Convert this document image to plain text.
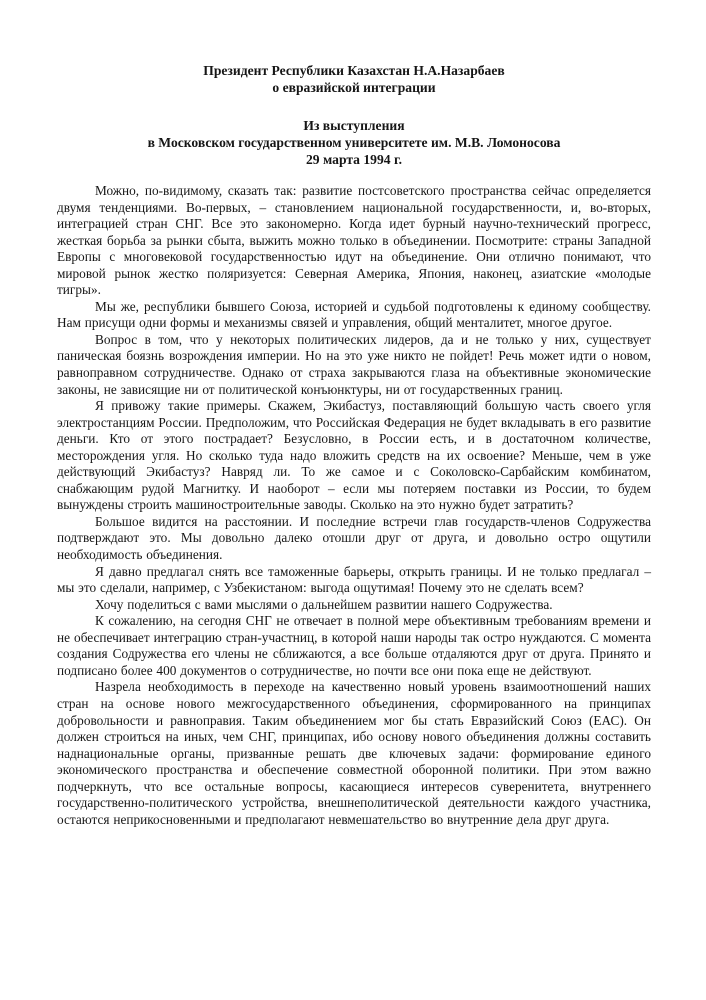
Президент Республики Казахстан Н.А.Назарбаев
о евразийской интеграции
Из выступления
в Московском государственном университете им. М.В. Ломоносова
29 марта 1994 г.

Можно, по-видимому, сказать так: развитие постсоветского пространства сейчас определяется двумя тенденциями. Во-первых, – становлением национальной государственности, и, во-вторых, интеграцией стран СНГ. Все это закономерно. Когда идет бурный научно-технический прогресс, жесткая борьба за рынки сбыта, выжить можно только в объединении. Посмотрите: страны Западной Европы с многовековой государственностью идут на объединение. Они отлично понимают, что мировой рынок жестко поляризуется: Северная Америка, Япония, наконец, азиатские «молодые тигры».

Мы же, республики бывшего Союза, историей и судьбой подготовлены к единому сообществу. Нам присущи одни формы и механизмы связей и управления, общий менталитет, многое другое.

Вопрос в том, что у некоторых политических лидеров, да и не только у них, существует паническая боязнь возрождения империи. Но на это уже никто не пойдет! Речь может идти о новом, равноправном сотрудничестве. Однако от страха закрываются глаза на объективные экономические законы, не зависящие ни от политической конъюнктуры, ни от государственных границ.

Я привожу такие примеры. Скажем, Экибастуз, поставляющий большую часть своего угля электростанциям России. Предположим, что Российская Федерация не будет вкладывать в его развитие деньги. Кто от этого пострадает? Безусловно, в России есть, и в достаточном количестве, месторождения угля. Но сколько туда надо вложить средств на их освоение? Меньше, чем в уже действующий Экибастуз? Навряд ли. То же самое и с Соколовско-Сарбайским комбинатом, снабжающим рудой Магнитку. И наоборот – если мы потеряем поставки из России, то будем вынуждены строить машиностроительные заводы. Сколько на это нужно будет затратить?

Большое видится на расстоянии. И последние встречи глав государств-членов Содружества подтверждают это. Мы довольно далеко отошли друг от друга, и довольно остро ощутили необходимость объединения.

Я давно предлагал снять все таможенные барьеры, открыть границы. И не только предлагал – мы это сделали, например, с Узбекистаном: выгода ощутимая! Почему это не сделать всем?

Хочу поделиться с вами мыслями о дальнейшем развитии нашего Содружества.

К сожалению, на сегодня СНГ не отвечает в полной мере объективным требованиям времени и не обеспечивает интеграцию стран-участниц, в которой наши народы так остро нуждаются. С момента создания Содружества его члены не сближаются, а все больше отдаляются друг от друга. Принято и подписано более 400 документов о сотрудничестве, но почти все они пока еще не действуют.

Назрела необходимость в переходе на качественно новый уровень взаимоотношений наших стран на основе нового межгосударственного объединения, сформированного на принципах добровольности и равноправия. Таким объединением мог бы стать Евразийский Союз (ЕАС). Он должен строиться на иных, чем СНГ, принципах, ибо основу нового объединения должны составить наднациональные органы, призванные решать две ключевых задачи: формирование единого экономического пространства и обеспечение совместной оборонной политики. При этом важно подчеркнуть, что все остальные вопросы, касающиеся интересов суверенитета, внутреннего государственно-политического устройства, внешнеполитической деятельности каждого участника, остаются неприкосновенными и предполагают невмешательство во внутренние дела друг друга.
